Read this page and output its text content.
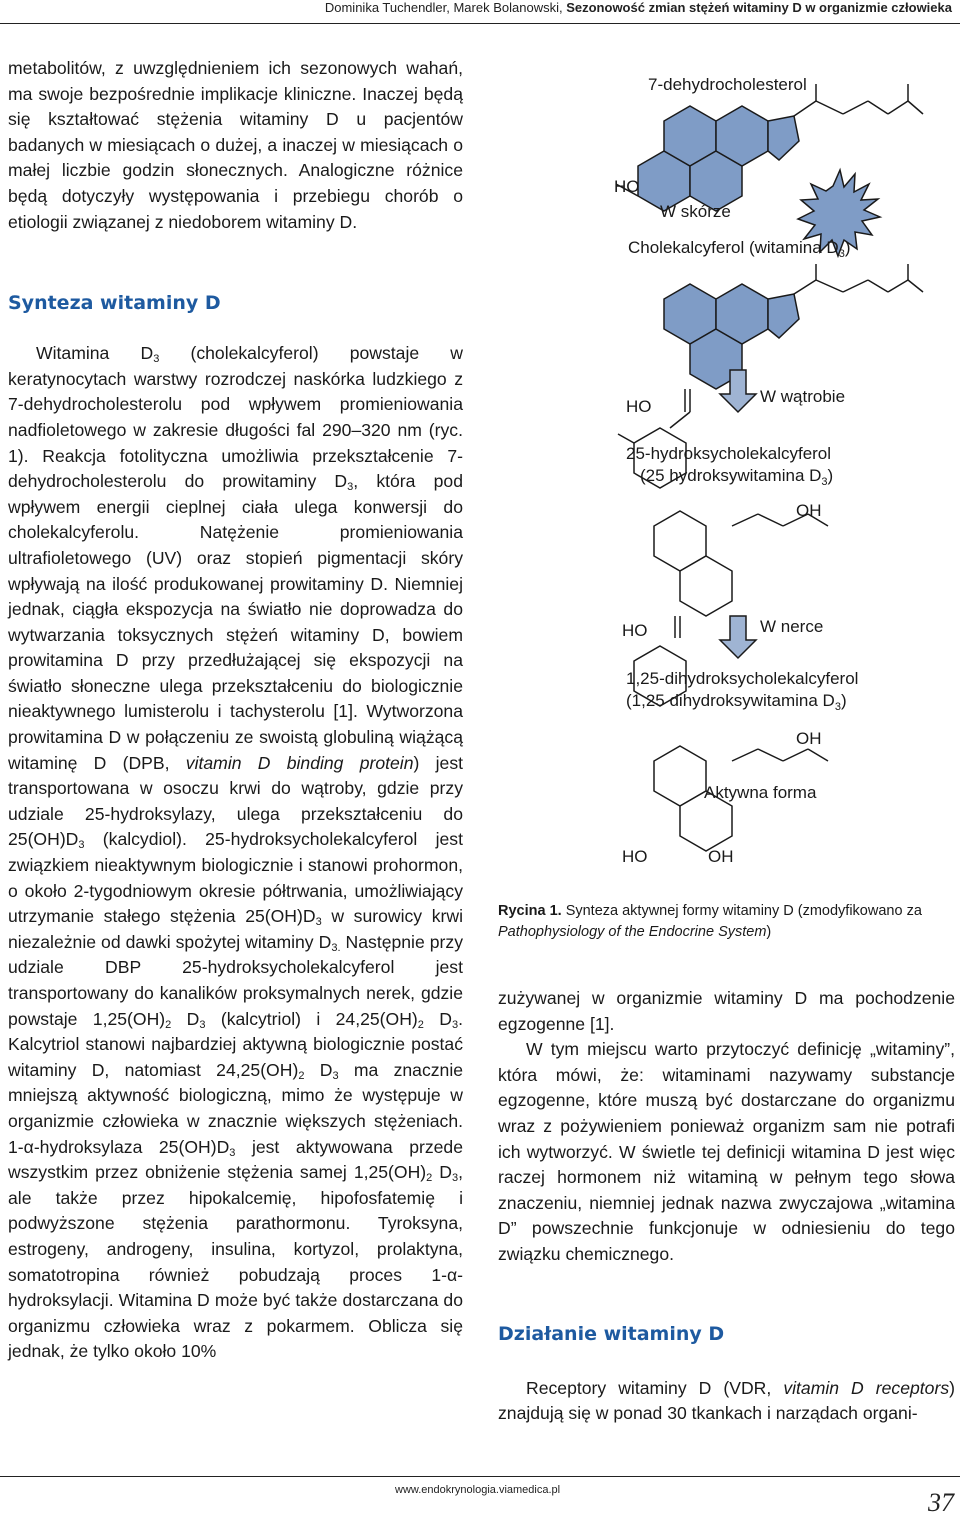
Dominika Tuchendler, Marek Bolanowski, Sezonowość zmian stężeń witaminy D w organizmie człowieka

metabolitów, z uwzględnieniem ich sezonowych wahań, ma swoje bezpośrednie implikacje kliniczne. Inaczej będą się kształtować stężenia witaminy D u pacjentów badanych w miesiącach o dużej, a inaczej w miesiącach o małej liczbie godzin słonecznych. Analogiczne różnice będą dotyczyły występowania i przebiegu chorób o etiologii związanej z niedoborem witaminy D.

Synteza witaminy D

Witamina $D_3$ (cholekalcyferol) powstaje w keratynocytach warstwy rozrodczej naskórka ludzkiego z 7-dehydrocholesterolu pod wpływem promieniowania nadfioletowego w zakresie długości fal 290–320 nm (ryc. 1). Reakcja fotolityczna umożliwia przekształcenie 7-dehydrocholesterolu do prowitaminy $D_3$, która pod wpływem energii cieplnej ciała ulega konwersji do cholekalcyferolu. Natężenie promieniowania ultrafioletowego (UV) oraz stopień pigmentacji skóry wpływają na ilość produkowanej prowitaminy D. Niemniej jednak, ciągła ekspozycja na światło nie doprowadza do wytwarzania toksycznych stężeń witaminy D, bowiem prowitamina D przy przedłużającej się ekspozycji na światło słoneczne ulega przekształceniu do biologicznie nieaktywnego lumisterolu i tachysterolu [1]. Wytworzona prowitamina D w połączeniu ze swoistą globuliną wiążącą witaminę D (DPB, vitamin D binding protein) jest transportowana w osoczu krwi do wątroby, gdzie przy udziale 25-hydroksylazy, ulega przekształceniu do $25(OH)D_3$ (kalcydiol). 25-hydroksycholekalcyferol jest związkiem nieaktywnym biologicznie i stanowi prohormon, o około 2-tygodniowym okresie półtrwania, umożliwiający utrzymanie stałego stężenia $25(OH)D_3$ w surowicy krwi niezależnie od dawki spożytej witaminy $D_{3.}$ Następnie przy udziale DBP 25-hydroksycholekalcyferol jest transportowany do kanalików proksymalnych nerek, gdzie powstaje $1,25(OH)_2$ $D_3$ (kalcytriol) i $24,25(OH)_2$ $D_3$. Kalcytriol stanowi najbardziej aktywną biologicznie postać witaminy D, natomiast $24,25(OH)_2$ $D_3$ ma znacznie mniejszą aktywność biologiczną, mimo że występuje w organizmie człowieka w znacznie większych stężeniach. 1-α-hydroksylaza $25(OH)D_3$ jest aktywowana przede wszystkim przez obniżenie stężenia samej $1,25(OH)_2$ $D_3$, ale także przez hipokalcemię, hipofosfatemię i podwyższone stężenia parathormonu. Tyroksyna, estrogeny, androgeny, insulina, kortyzol, prolaktyna, somatotropina również pobudzają proces 1-α-hydroksylacji. Witamina D może być także dostarczana do organizmu człowieka wraz z pokarmem. Oblicza się jednak, że tylko około 10%

7-dehydrocholesterol
HO
W skórze
Cholekalcyferol (witamina $D_3$)
HO
W wątrobie
25-hydroksycholekalcyferol
(25 hydroksywitamina $D_3$)
OH
HO	W nerce
1,25-dihydroksycholekalcyferol
(1,25 dihydroksywitamina $D_3$)
OH
Aktywna forma
HO	OH
Rycina 1. Synteza aktywnej formy witaminy D (zmodyfikowano za Pathophysiology of the Endocrine System)

zużywanej w organizmie witaminy D ma pochodzenie egzogenne [1].

W tym miejscu warto przytoczyć definicję „witaminy”, która mówi, że: witaminami nazywamy substancje egzogenne, które muszą być dostarczane do organizmu wraz z pożywieniem ponieważ organizm sam nie potrafi ich wytworzyć. W świetle tej definicji witamina D jest więc raczej hormonem niż witaminą w pełnym tego słowa znaczeniu, niemniej jednak nazwa zwyczajowa „witamina D” powszechnie funkcjonuje w odniesieniu do tego związku chemicznego.

Działanie witaminy D

Receptory witaminy D (VDR, vitamin D receptors) znajdują się w ponad 30 tkankach i narządach organi-

www.endokrynologia.viamedica.pl	37
